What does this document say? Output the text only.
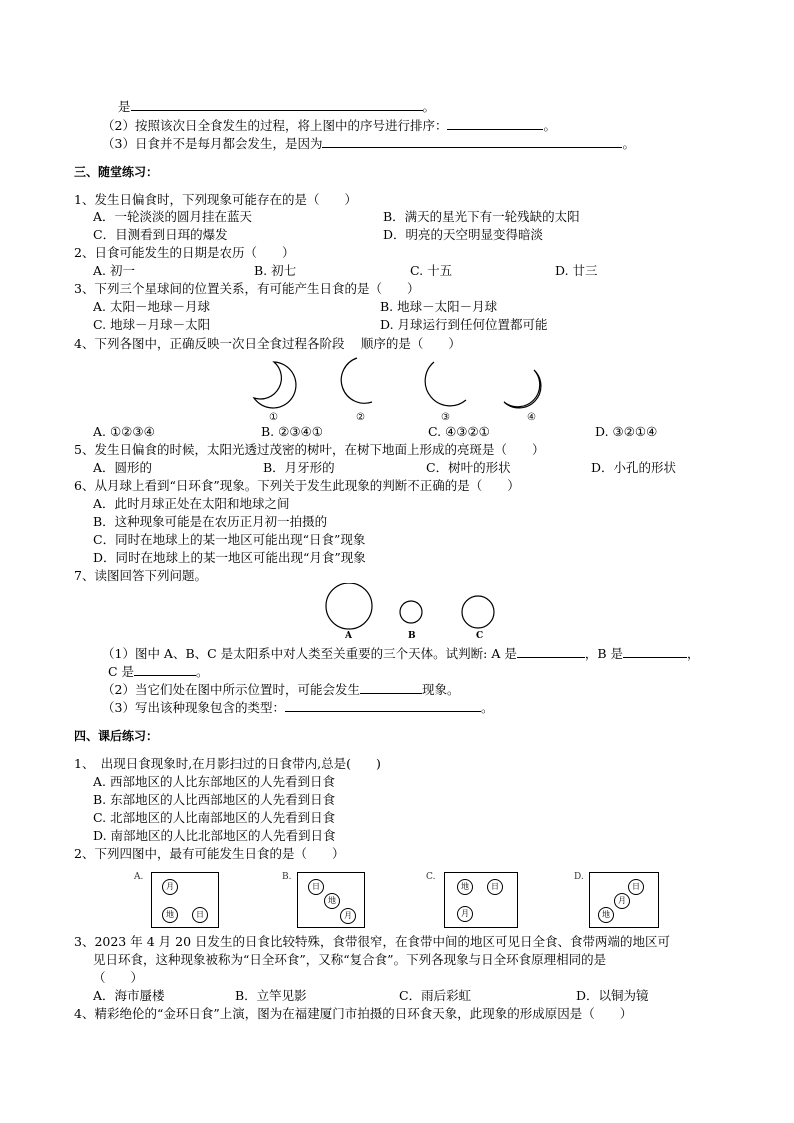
是	。
（2）按照该次日全食发生的过程，将上图中的序号进行排序：	。
（3）日食并不是每月都会发生，是因为	。
三、随堂练习：
1、发生日偏食时，下列现象可能存在的是（　　）
A．一轮淡淡的圆月挂在蓝天	B．满天的星光下有一轮残缺的太阳
C．目测看到日珥的爆发	D．明亮的天空明显变得暗淡
2、日食可能发生的日期是农历（　　）
A. 初一	B. 初七	C. 十五	D. 廿三
3、下列三个星球间的位置关系，有可能产生日食的是（　　）
A. 太阳－地球－月球	B. 地球－太阳－月球
C. 地球－月球－太阳	D. 月球运行到任何位置都可能
4、下列各图中，正确反映一次日全食过程各阶段　 顺序的是（　　）
①	②	③	④
A. ①②③④	B. ②③④①	C. ④③②①	D. ③②①④
5、发生日偏食的时候，太阳光透过茂密的树叶，在树下地面上形成的亮斑是（　　）
A．圆形的	B．月牙形的	C．树叶的形状	D．小孔的形状
6、从月球上看到“日环食”现象。下列关于发生此现象的判断不正确的是（　　）
A．此时月球正处在太阳和地球之间
B．这种现象可能是在农历正月初一拍摄的
C．同时在地球上的某一地区可能出现“日食”现象
D．同时在地球上的某一地区可能出现“月食”现象
7、读图回答下列问题。
A	B	C
（1）图中 A、B、C 是太阳系中对人类至关重要的三个天体。试判断: A 是	，B 是	，
C 是	。
（2）当它们处在图中所示位置时，可能会发生	现象。
（3）写出该种现象包含的类型：	。
四、课后练习：
1、　出现日食现象时,在月影扫过的日食带内,总是(　　)
A. 西部地区的人比东部地区的人先看到日食
B. 东部地区的人比西部地区的人先看到日食
C. 北部地区的人比南部地区的人先看到日食
D. 南部地区的人比北部地区的人先看到日食
2、下列四图中，最有可能发生日食的是（　　）
A.
月
地	日
B.
日
地
月
C.
地	日
月
D.
日
月
地
3、2023 年 4 月 20 日发生的日食比较特殊，食带很窄，在食带中间的地区可见日全食、食带两端的地区可
见日环食，这种现象被称为“日全环食”，又称“复合食”。下列各现象与日全环食原理相同的是
（　　）
A．海市蜃楼	B．立竿见影	C．雨后彩虹	D．以铜为镜
4、精彩绝伦的“金环日食”上演，图为在福建厦门市拍摄的日环食天象，此现象的形成原因是（　　）
